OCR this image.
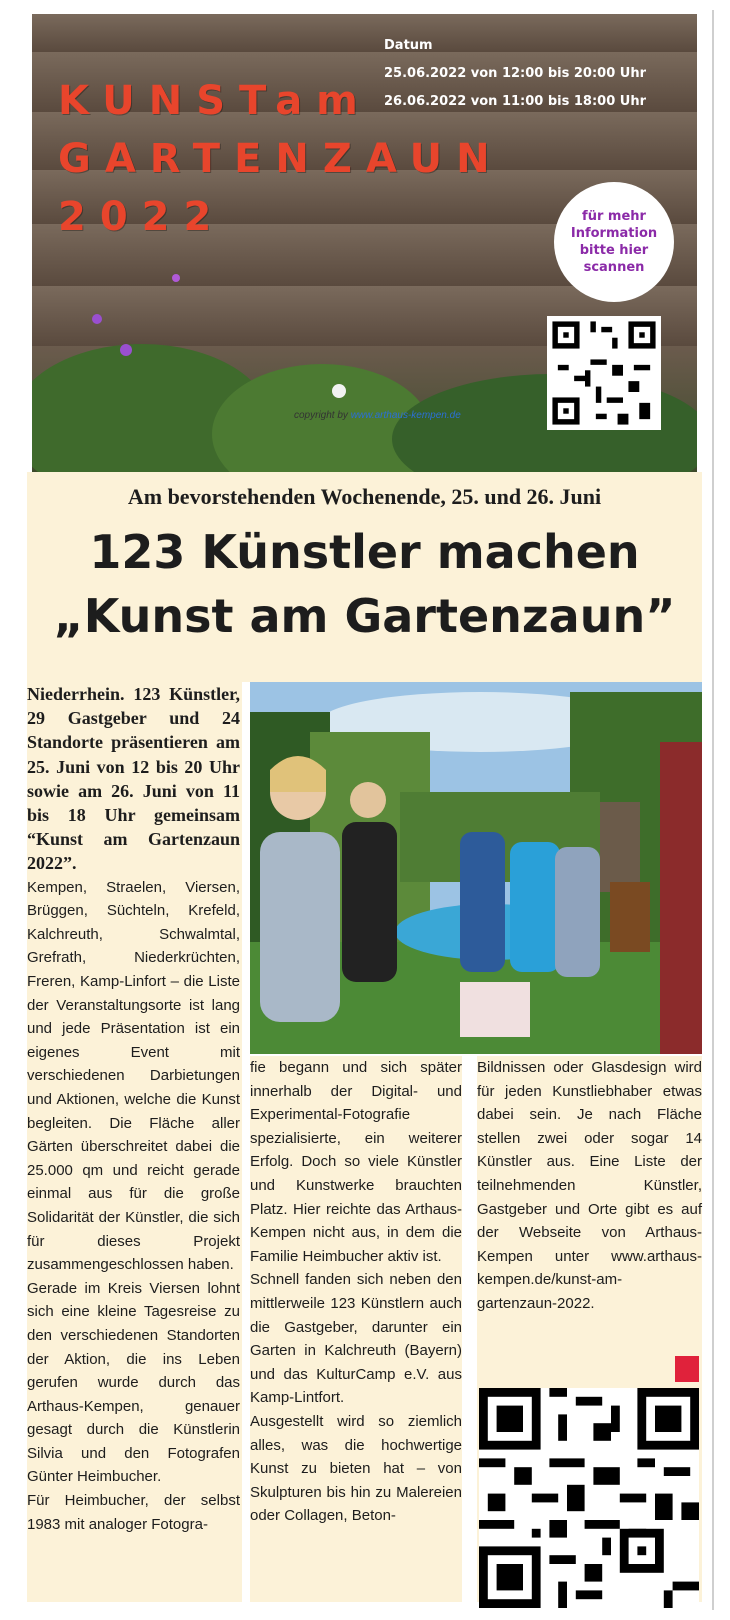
KUNSTam
GARTENZAUN 2022
Datum
25.06.2022 von 12:00 bis 20:00 Uhr
26.06.2022 von 11:00 bis 18:00 Uhr
für mehr Information bitte hier scannen
copyright by www.arthaus-kempen.de
Am bevorstehenden Wochenende, 25. und 26. Juni
123 Künstler machen
„Kunst am Gartenzaun”

Niederrhein. 123 Künstler, 29 Gastgeber und 24 Standorte präsentieren am 25. Juni von 12 bis 20 Uhr sowie am 26. Juni von 11 bis 18 Uhr gemeinsam “Kunst am Gartenzaun 2022”.

Kempen, Straelen, Viersen, Brüggen, Süchteln, Krefeld, Kalchreuth, Schwalmtal, Grefrath, Niederkrüchten, Freren, Kamp-Linfort – die Liste der Veranstaltungsorte ist lang und jede Präsentation ist ein eigenes Event mit verschiedenen Darbietungen und Aktionen, welche die Kunst begleiten. Die Fläche aller Gärten überschreitet dabei die 25.000 qm und reicht gerade einmal aus für die große Solidarität der Künstler, die sich für dieses Projekt zusammengeschlossen haben.

Gerade im Kreis Viersen lohnt sich eine kleine Tagesreise zu den verschiedenen Standorten der Aktion, die ins Leben gerufen wurde durch das Arthaus-Kempen, genauer gesagt durch die Künstlerin Silvia und den Fotografen Günter Heimbucher.

Für Heimbucher, der selbst 1983 mit analoger Fotogra-

fie begann und sich später innerhalb der Digital- und Experimental-Fotografie spezialisierte, ein weiterer Erfolg. Doch so viele Künstler und Kunstwerke brauchten Platz. Hier reichte das Arthaus-Kempen nicht aus, in dem die Familie Heimbucher aktiv ist.

Schnell fanden sich neben den mittlerweile 123 Künstlern auch die Gastgeber, darunter ein Garten in Kalchreuth (Bayern) und das KulturCamp e.V. aus Kamp-Lintfort.

Ausgestellt wird so ziemlich alles, was die hochwertige Kunst zu bieten hat – von Skulpturen bis hin zu Malereien oder Collagen, Beton-

Bildnissen oder Glasdesign wird für jeden Kunstliebhaber etwas dabei sein. Je nach Fläche stellen zwei oder sogar 14 Künstler aus. Eine Liste der teilnehmenden Künstler, Gastgeber und Orte gibt es auf der Webseite von Arthaus-Kempen unter www.arthaus-kempen.de/kunst-am-gartenzaun-2022.
